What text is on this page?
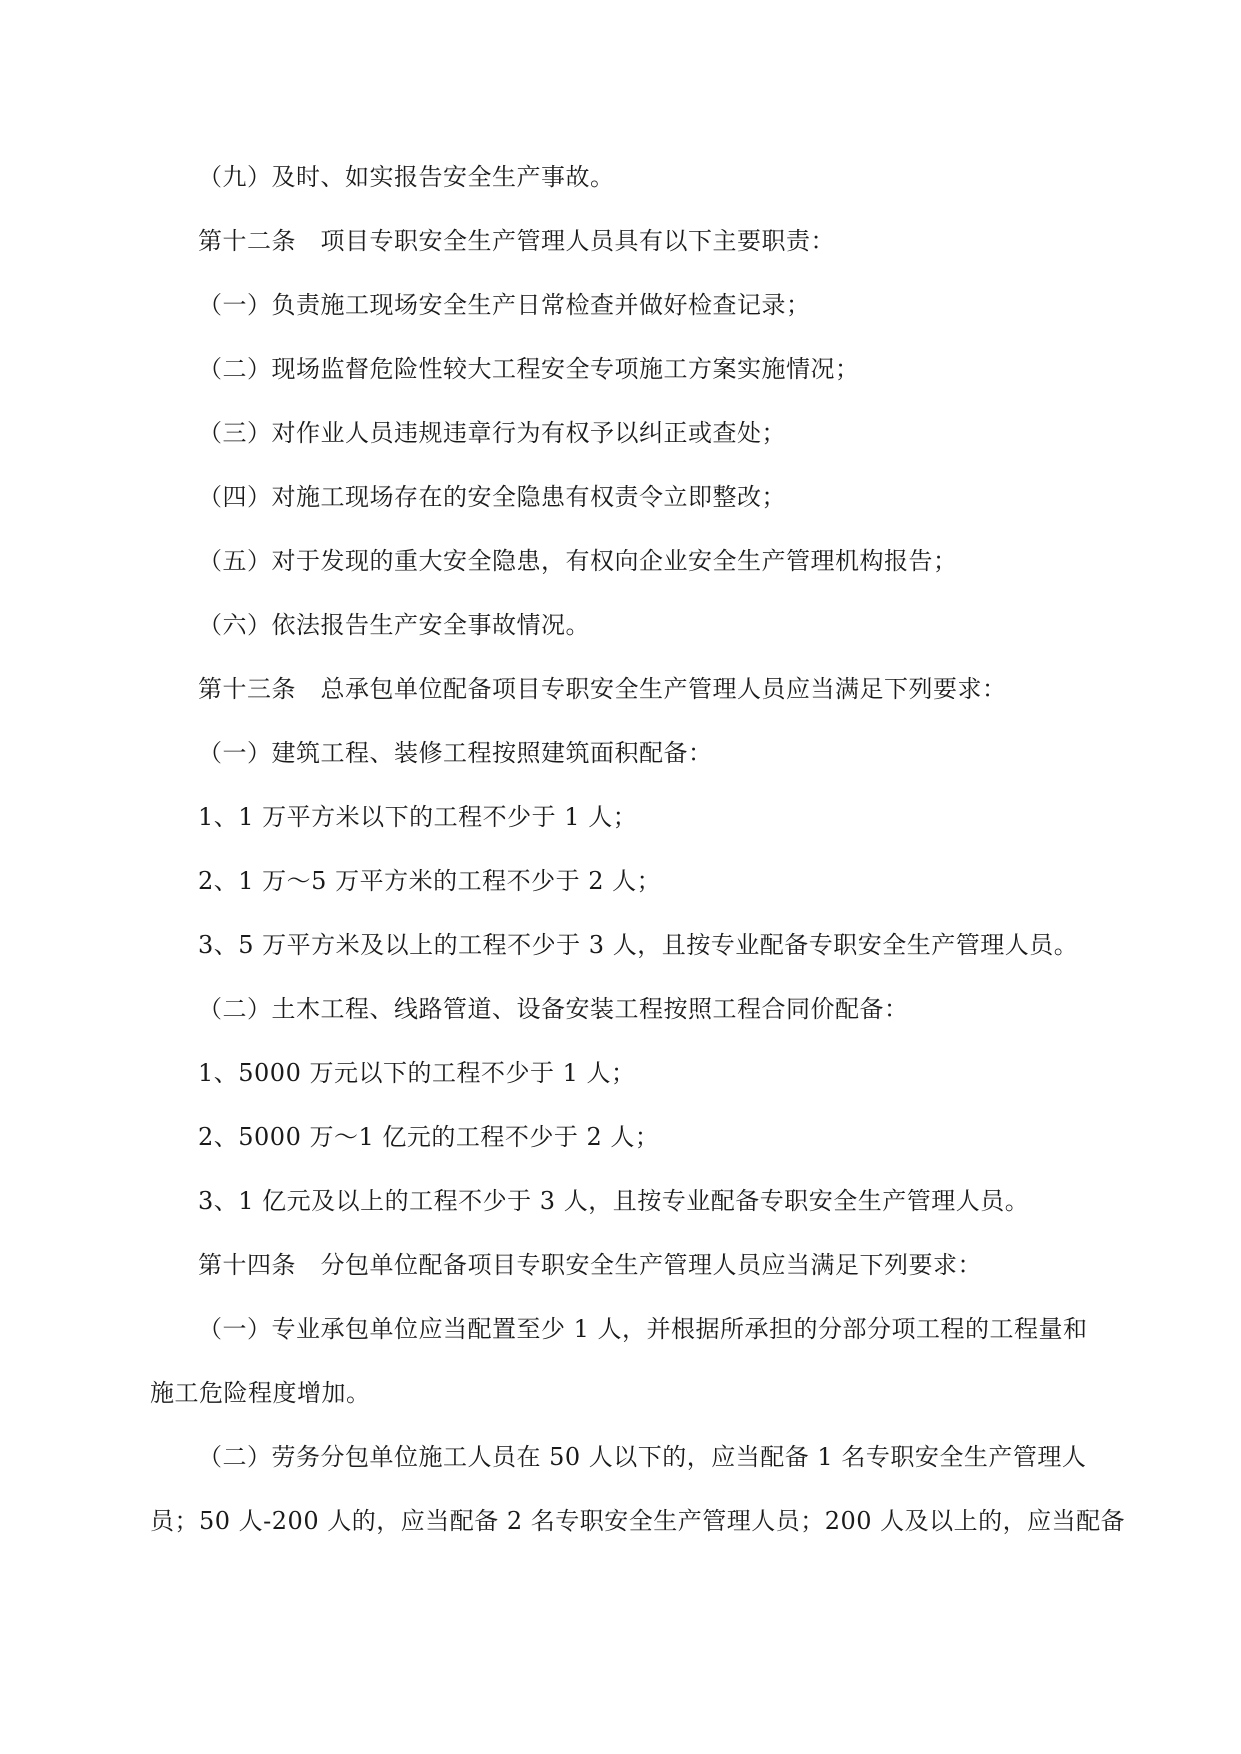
（九）及时、如实报告安全生产事故。
第十二条　项目专职安全生产管理人员具有以下主要职责：
（一）负责施工现场安全生产日常检查并做好检查记录；
（二）现场监督危险性较大工程安全专项施工方案实施情况；
（三）对作业人员违规违章行为有权予以纠正或查处；
（四）对施工现场存在的安全隐患有权责令立即整改；
（五）对于发现的重大安全隐患，有权向企业安全生产管理机构报告；
（六）依法报告生产安全事故情况。
第十三条　总承包单位配备项目专职安全生产管理人员应当满足下列要求：
（一）建筑工程、装修工程按照建筑面积配备：
1、1 万平方米以下的工程不少于 1 人；
2、1 万～5 万平方米的工程不少于 2 人；
3、5 万平方米及以上的工程不少于 3 人，且按专业配备专职安全生产管理人员。
（二）土木工程、线路管道、设备安装工程按照工程合同价配备：
1、5000 万元以下的工程不少于 1 人；
2、5000 万～1 亿元的工程不少于 2 人；
3、1 亿元及以上的工程不少于 3 人，且按专业配备专职安全生产管理人员。
第十四条　分包单位配备项目专职安全生产管理人员应当满足下列要求：
（一）专业承包单位应当配置至少 1 人，并根据所承担的分部分项工程的工程量和
施工危险程度增加。
（二）劳务分包单位施工人员在 50 人以下的，应当配备 1 名专职安全生产管理人
员；50 人-200 人的，应当配备 2 名专职安全生产管理人员；200 人及以上的，应当配备
